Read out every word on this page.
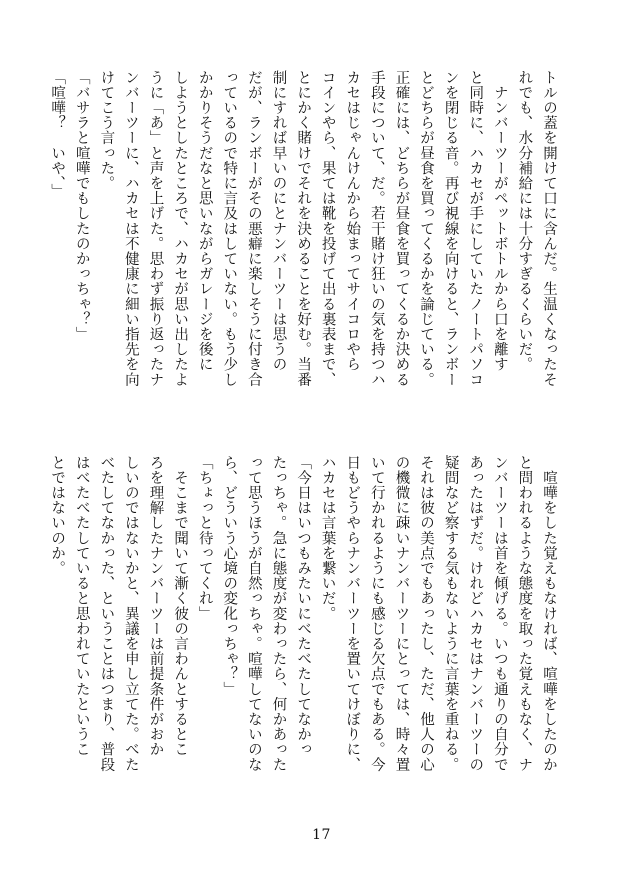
トルの蓋を開けて口に含んだ。生温くなったそ
れでも、水分補給には十分すぎるくらいだ。
　ナンバーツーがペットボトルから口を離す
と同時に、ハカセが手にしていたノートパソコ
ンを閉じる音。再び視線を向けると、ランボー
とどちらが昼食を買ってくるかを論じている。
正確には、どちらが昼食を買ってくるか決める
手段について、だ。若干賭け狂いの気を持つハ
カセはじゃんけんから始まってサイコロやら
コインやら、果ては靴を投げて出る裏表まで、
とにかく賭けでそれを決めることを好む。当番
制にすれば早いのにとナンバーツーは思うの
だが、ランボーがその悪癖に楽しそうに付き合
っているので特に言及はしていない。もう少し
かかりそうだなと思いながらガレージを後に
しようとしたところで、ハカセが思い出したよ
うに「あ」と声を上げた。思わず振り返ったナ
ンバーツーに、ハカセは不健康に細い指先を向
けてこう言った。
「バサラと喧嘩でもしたのかっちゃ？」
「喧嘩？　いや、」
　喧嘩をした覚えもなければ、喧嘩をしたのか
と問われるような態度を取った覚えもなく、ナ
ンバーツーは首を傾げる。いつも通りの自分で
あったはずだ。けれどハカセはナンバーツーの
疑問など察する気もないように言葉を重ねる。
それは彼の美点でもあったし、ただ、他人の心
の機微に疎いナンバーツーにとっては、時々置
いて行かれるようにも感じる欠点でもある。今
日もどうやらナンバーツーを置いてけぼりに、
ハカセは言葉を繋いだ。
「今日はいつもみたいにべたべたしてなかっ
たっちゃ。急に態度が変わったら、何かあった
って思うほうが自然っちゃ。喧嘩してないのな
ら、どういう心境の変化っちゃ？」
「ちょっと待ってくれ」
　そこまで聞いて漸く彼の言わんとするとこ
ろを理解したナンバーツーは前提条件がおか
しいのではないかと、異議を申し立てた。べた
べたしてなかった、ということはつまり、普段
はべたべたしていると思われていたというこ
とではないのか。
17
